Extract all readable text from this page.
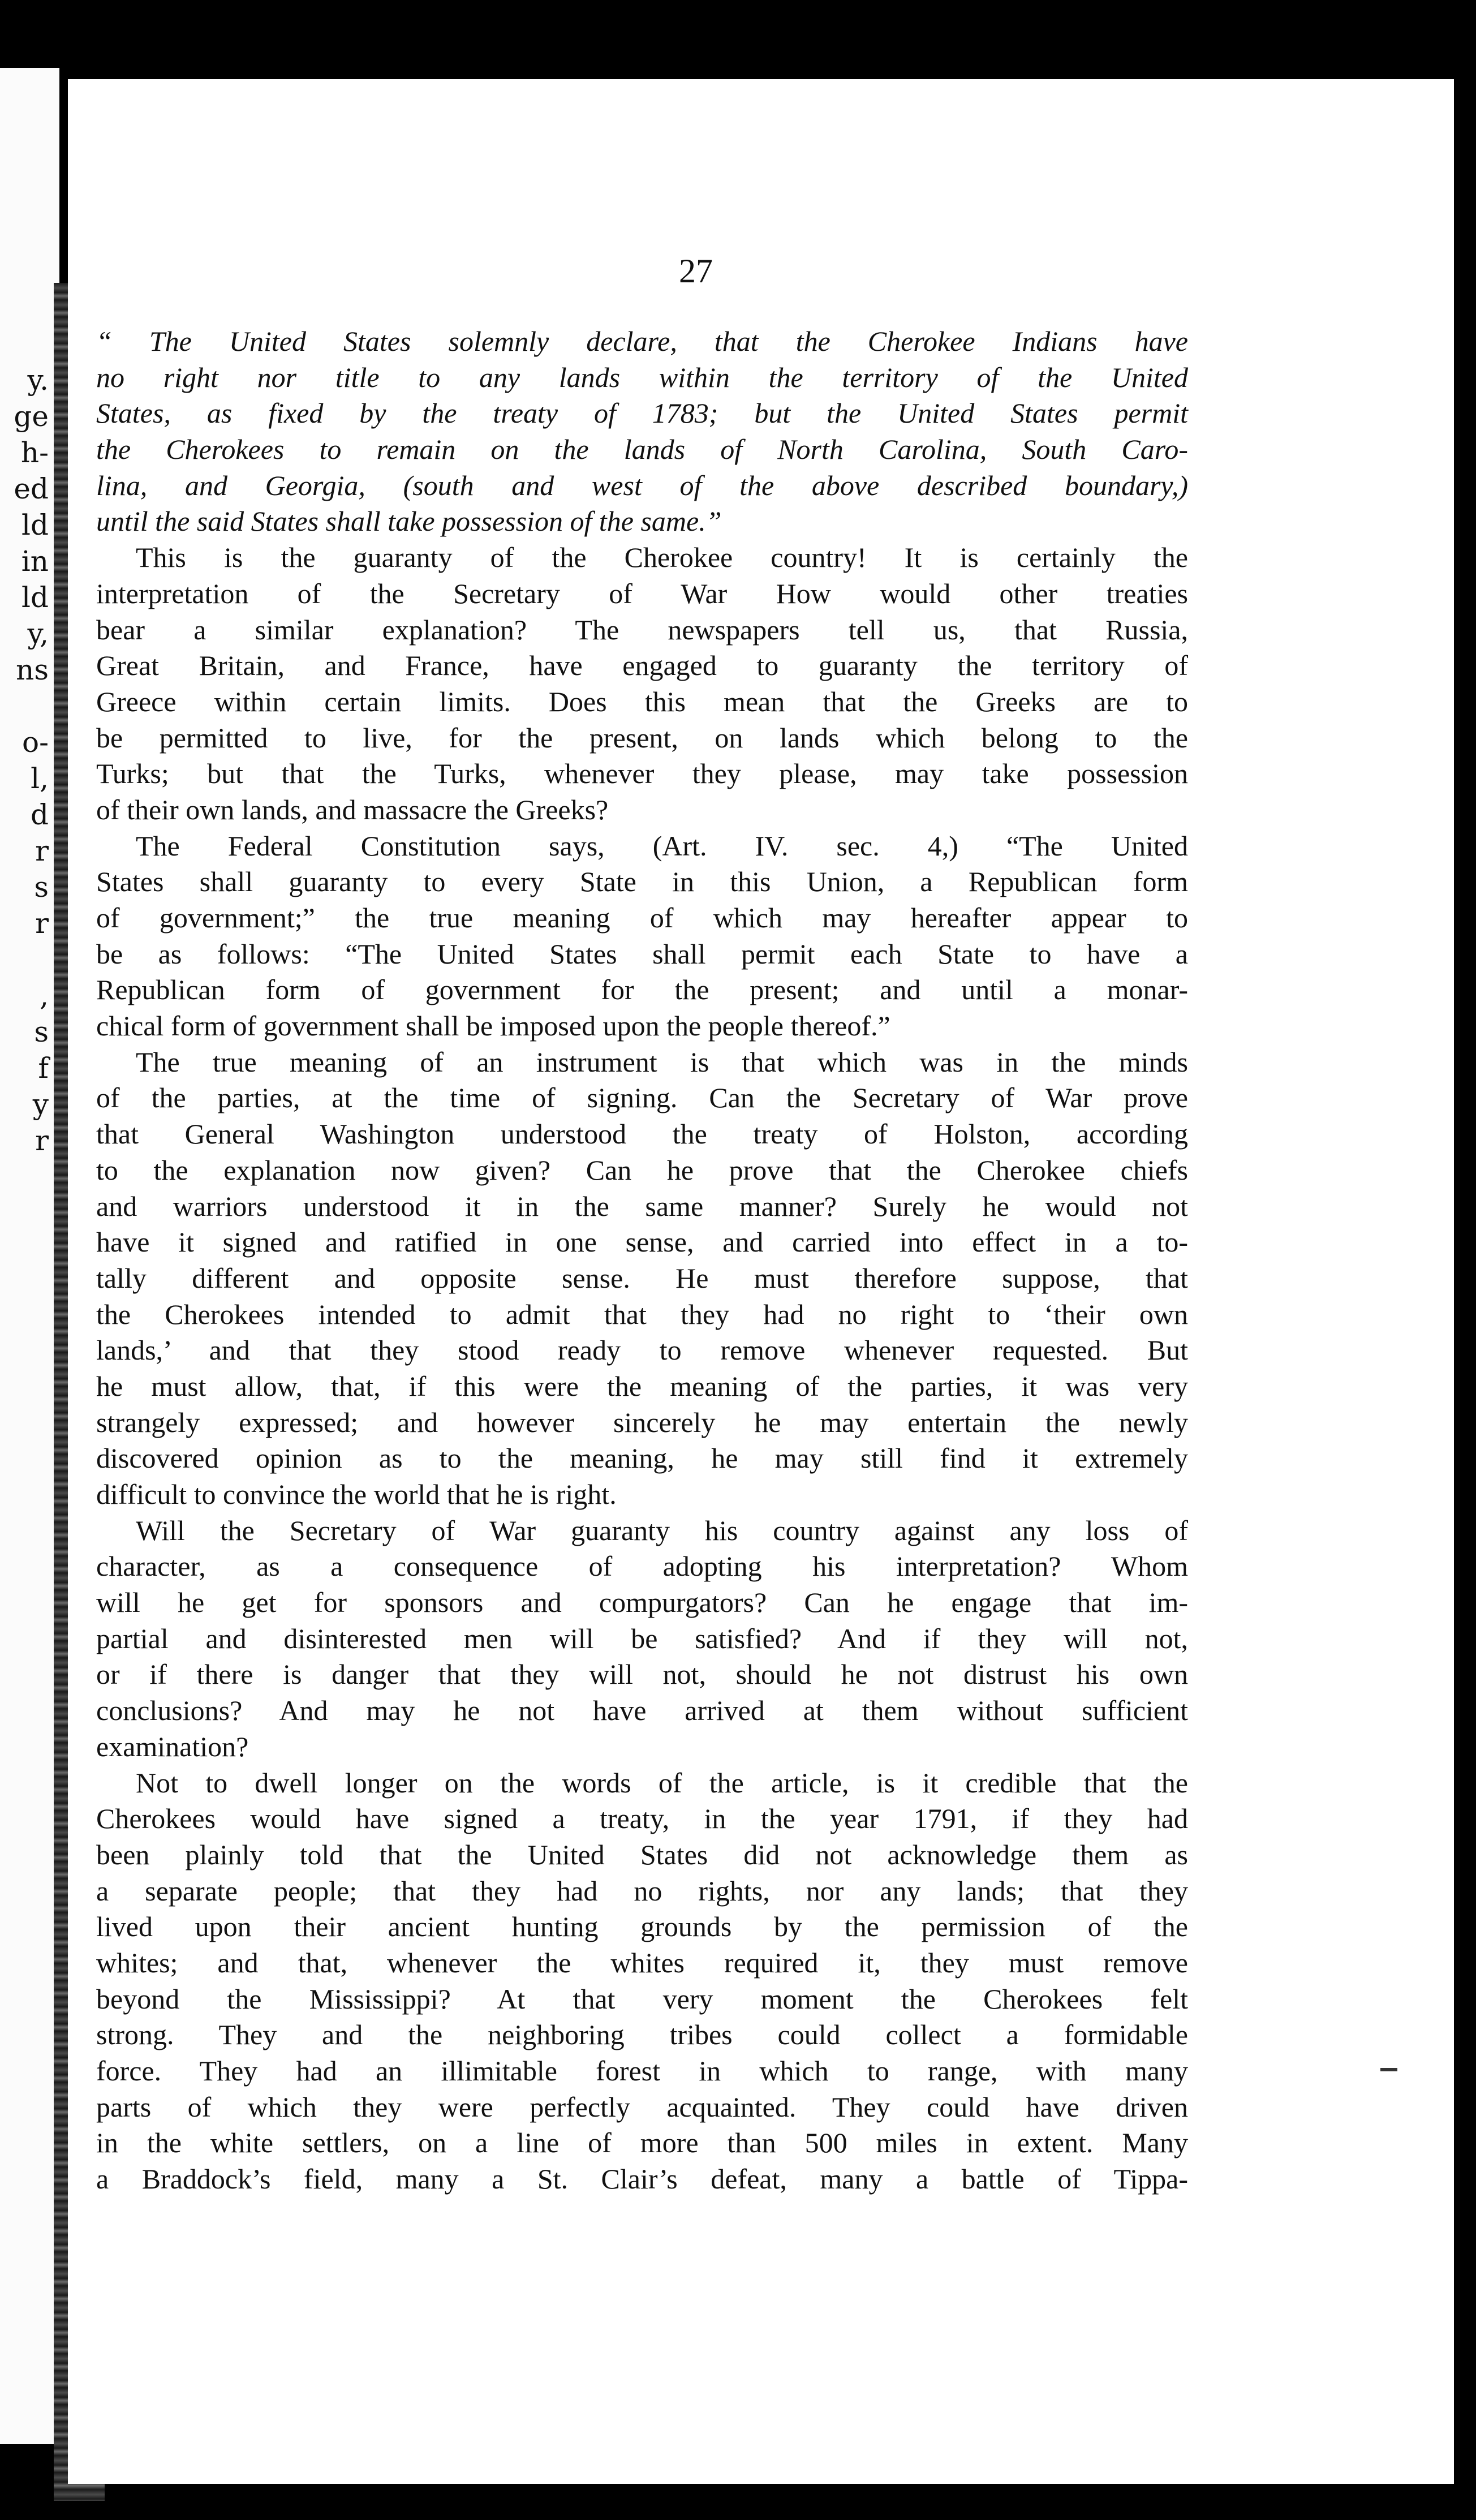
y.
ge
h-
ed
ld
in
ld
y,
ns
o-
l,
d
r
s
r
,
s
f
y
r
27
“ The United States solemnly declare, that the Cherokee Indians have
no right nor title to any lands within the territory of the United
States, as fixed by the treaty of 1783; but the United States permit
the Cherokees to remain on the lands of North Carolina, South Caro-
lina, and Georgia, (south and west of the above described boundary,)
until the said States shall take possession of the same.”
This is the guaranty of the Cherokee country! It is certainly the
interpretation of the Secretary of War How would other treaties
bear a similar explanation? The newspapers tell us, that Russia,
Great Britain, and France, have engaged to guaranty the territory of
Greece within certain limits. Does this mean that the Greeks are to
be permitted to live, for the present, on lands which belong to the
Turks; but that the Turks, whenever they please, may take possession
of their own lands, and massacre the Greeks?
The Federal Constitution says, (Art. IV. sec. 4,) “The United
States shall guaranty to every State in this Union, a Republican form
of government;” the true meaning of which may hereafter appear to
be as follows: “The United States shall permit each State to have a
Republican form of government for the present; and until a monar-
chical form of government shall be imposed upon the people thereof.”
The true meaning of an instrument is that which was in the minds
of the parties, at the time of signing. Can the Secretary of War prove
that General Washington understood the treaty of Holston, according
to the explanation now given? Can he prove that the Cherokee chiefs
and warriors understood it in the same manner? Surely he would not
have it signed and ratified in one sense, and carried into effect in a to-
tally different and opposite sense. He must therefore suppose, that
the Cherokees intended to admit that they had no right to ‘their own
lands,’ and that they stood ready to remove whenever requested. But
he must allow, that, if this were the meaning of the parties, it was very
strangely expressed; and however sincerely he may entertain the newly
discovered opinion as to the meaning, he may still find it extremely
difficult to convince the world that he is right.
Will the Secretary of War guaranty his country against any loss of
character, as a consequence of adopting his interpretation? Whom
will he get for sponsors and compurgators? Can he engage that im-
partial and disinterested men will be satisfied? And if they will not,
or if there is danger that they will not, should he not distrust his own
conclusions? And may he not have arrived at them without sufficient
examination?
Not to dwell longer on the words of the article, is it credible that the
Cherokees would have signed a treaty, in the year 1791, if they had
been plainly told that the United States did not acknowledge them as
a separate people; that they had no rights, nor any lands; that they
lived upon their ancient hunting grounds by the permission of the
whites; and that, whenever the whites required it, they must remove
beyond the Mississippi? At that very moment the Cherokees felt
strong. They and the neighboring tribes could collect a formidable
force. They had an illimitable forest in which to range, with many
parts of which they were perfectly acquainted. They could have driven
in the white settlers, on a line of more than 500 miles in extent. Many
a Braddock’s field, many a St. Clair’s defeat, many a battle of Tippa-
